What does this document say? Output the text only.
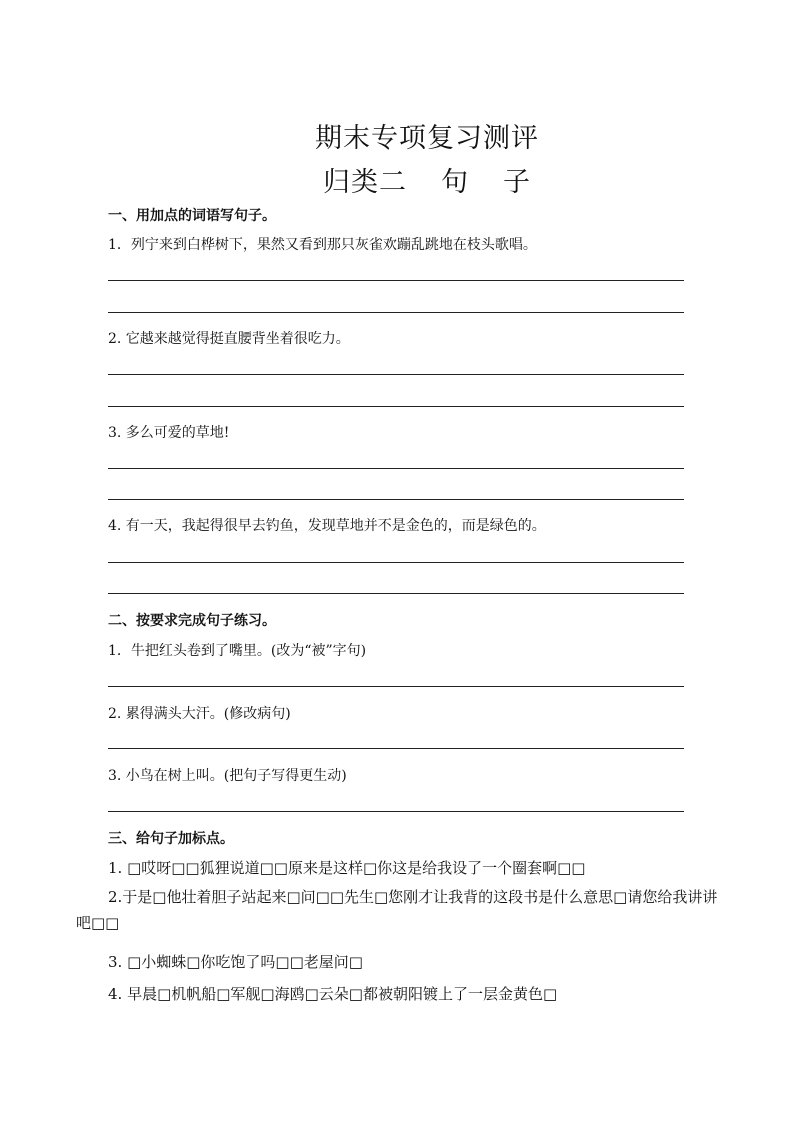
期末专项复习测评
归类二 句 子
一、用加点的词语写句子。
1．列宁来到白桦树下，果然又看到那只灰雀欢蹦乱跳地在枝头歌唱。
2. 它越来越觉得挺直腰背坐着很吃力。
3. 多么可爱的草地!
4. 有一天，我起得很早去钓鱼，发现草地并不是金色的，而是绿色的。
二、按要求完成句子练习。
1．牛把红头卷到了嘴里。(改为“被”字句)
2. 累得满头大汗。(修改病句)
3. 小鸟在树上叫。(把句子写得更生动)
三、给句子加标点。
1. □哎呀□□狐狸说道□□原来是这样□你这是给我设了一个圈套啊□□
2.于是□他壮着胆子站起来□问□□先生□您刚才让我背的这段书是什么意思□请您给我讲讲吧□□
3. □小蜘蛛□你吃饱了吗□□老屋问□
4. 早晨□机帆船□军舰□海鸥□云朵□都被朝阳镀上了一层金黄色□
